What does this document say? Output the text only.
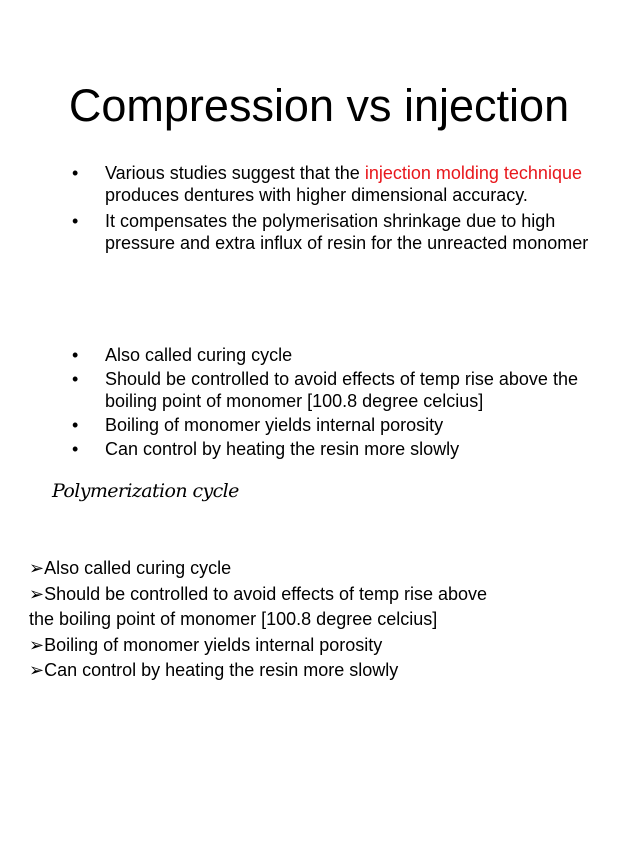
Compression vs injection
• Various studies suggest that the injection molding technique produces dentures with higher dimensional accuracy.
• It compensates the polymerisation shrinkage due to high pressure and extra influx of resin for the unreacted monomer
• Also called curing cycle
• Should be controlled to avoid effects of temp rise above the boiling point of monomer [100.8 degree celcius]
• Boiling of monomer yields internal porosity
• Can control by heating the resin more slowly
Polymerization cycle

➢Also called curing cycle

➢Should be controlled to avoid effects of temp rise above the boiling point of monomer [100.8 degree celcius]

➢Boiling of monomer yields internal porosity

➢Can control by heating the resin more slowly
